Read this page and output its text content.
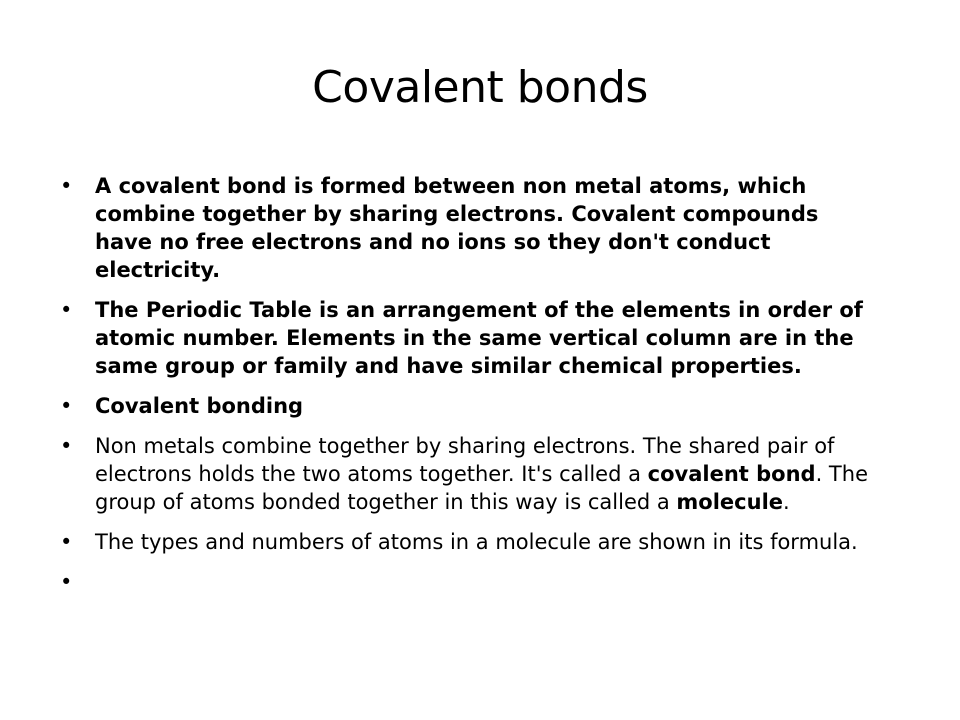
Covalent bonds
•	A covalent bond is formed between non metal atoms, which combine together by sharing electrons. Covalent compounds have no free electrons and no ions so they don't conduct electricity.
•	The Periodic Table is an arrangement of the elements in order of atomic number. Elements in the same vertical column are in the same group or family and have similar chemical properties.
•	Covalent bonding
•	Non metals combine together by sharing electrons. The shared pair of electrons holds the two atoms together. It's called a covalent bond. The group of atoms bonded together in this way is called a molecule.
•	The types and numbers of atoms in a molecule are shown in its formula.
•
